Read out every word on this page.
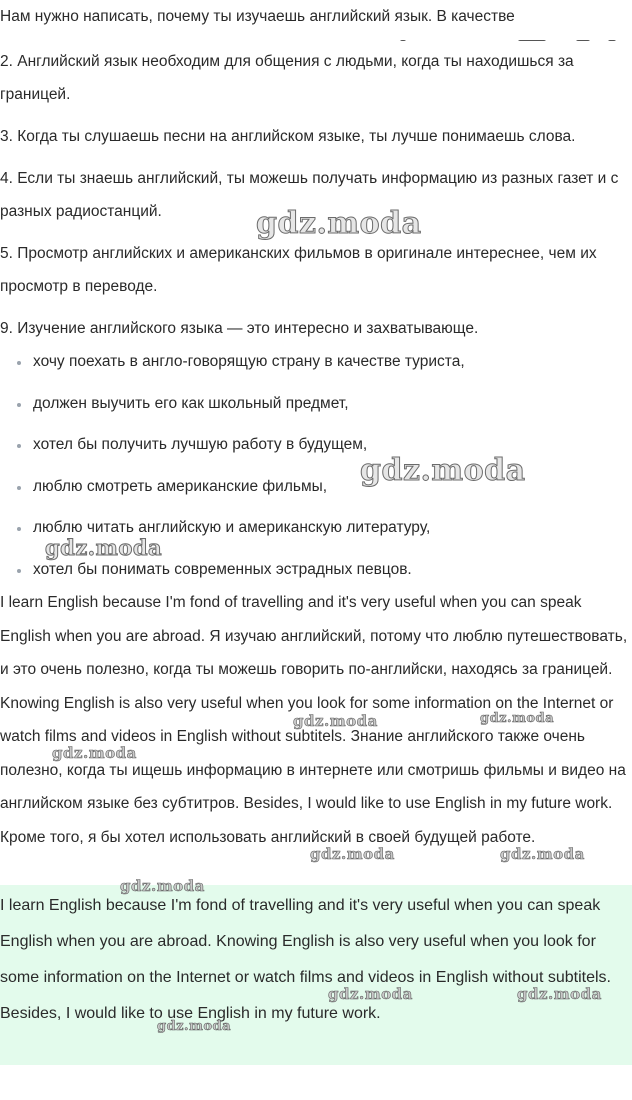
Нам нужно написать, почему ты изучаешь английский язык. В качестве

2. Английский язык необходим для общения с людьми, когда ты находишься за границей.

3. Когда ты слушаешь песни на английском языке, ты лучше понимаешь слова.

4. Если ты знаешь английский, ты можешь получать информацию из разных газет и с разных радиостанций.

5. Просмотр английских и американских фильмов в оригинале интереснее, чем их просмотр в переводе.

9. Изучение английского языка — это интересно и захватывающе.

хочу поехать в англо-говорящую страну в качестве туриста,
должен выучить его как школьный предмет,
хотел бы получить лучшую работу в будущем,
люблю смотреть американские фильмы,
люблю читать английскую и американскую литературу,
хотел бы понимать современных эстрадных певцов.

I learn English because I'm fond of travelling and it's very useful when you can speak English when you are abroad. Я изучаю английский, потому что люблю путешествовать, и это очень полезно, когда ты можешь говорить по-английски, находясь за границей. Knowing English is also very useful when you look for some information on the Internet or watch films and videos in English without subtitels. Знание английского также очень полезно, когда ты ищешь информацию в интернете или смотришь фильмы и видео на английском языке без субтитров. Besides, I would like to use English in my future work. Кроме того, я бы хотел использовать английский в своей будущей работе.

I learn English because I'm fond of travelling and it's very useful when you can speak English when you are abroad. Knowing English is also very useful when you look for some information on the Internet or watch films and videos in English without subtitels. Besides, I would like to use English in my future work.

gdz.moda
gdz.moda
gdz.moda
gdz.moda	gdz.moda
gdz.moda
gdz.moda	gdz.moda
gdz.moda
gdz.moda	gdz.moda
gdz.moda
